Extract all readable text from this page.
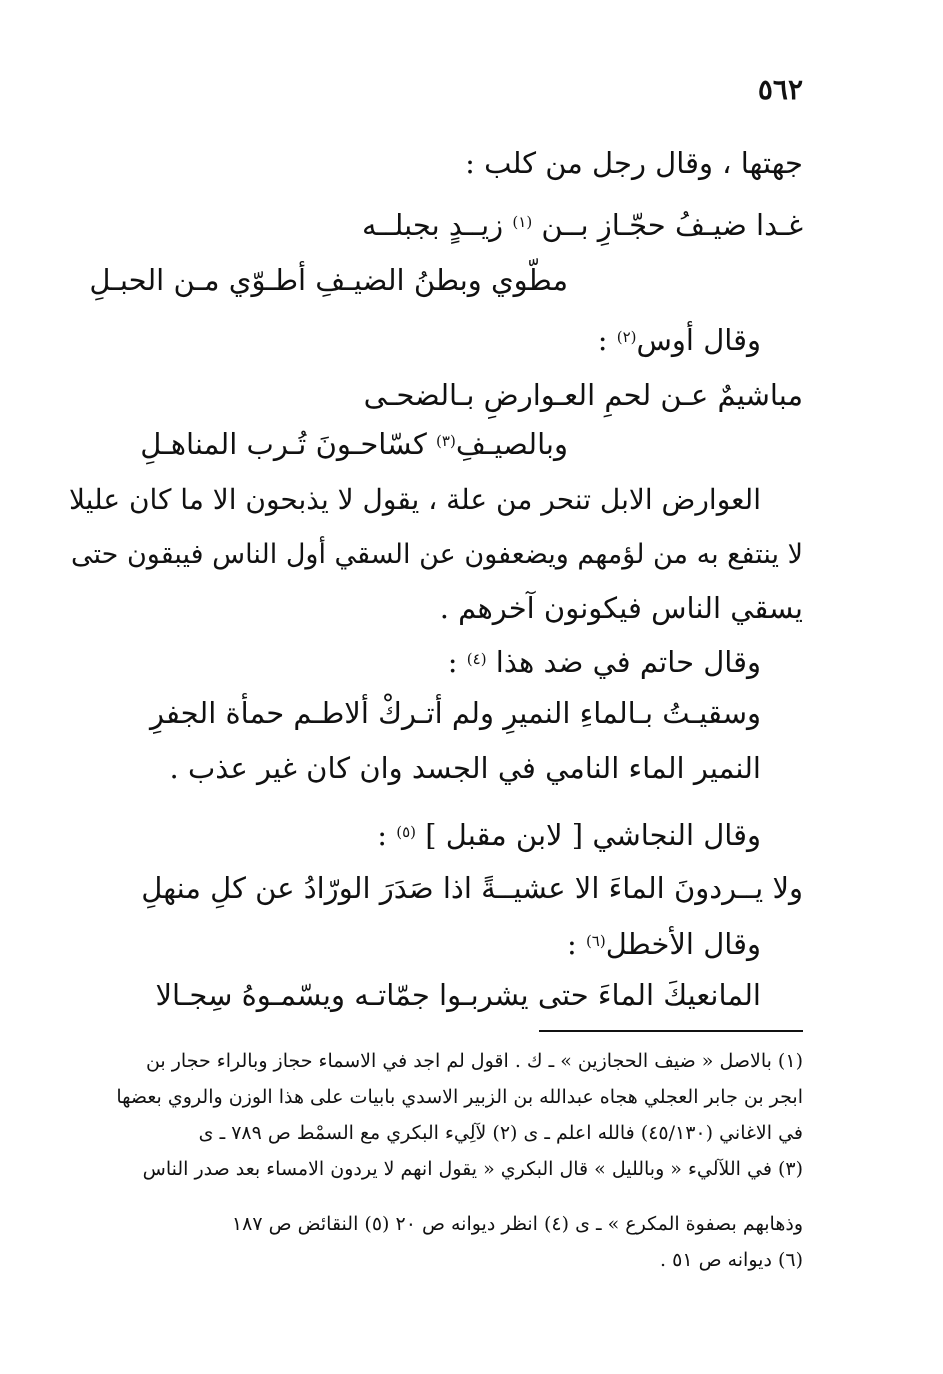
٥٦٢

جهتها ، وقال رجل من كلب :

غـدا ضيـفُ حجّـازِ بــن $^{(١)}$ زيــدٍ بجبلــه

مطّوي وبطنُ الضيـفِ أطـوّي مـن الحبـلِ

وقال أوس$^{(٢)}$ :

مباشيمٌ عـن لحمِ العـوارضِ بـالضحـى

وبالصيـفِ$^{(٣)}$ كسّاحـونَ تُـرب المناهـلِ

العوارض الابل تنحر من علة ، يقول لا يذبحون الا ما كان عليلا

لا ينتفع به من لؤمهم ويضعفون عن السقي أول الناس فيبقون حتى

يسقي الناس فيكونون آخرهم .

وقال حاتم في ضد هذا $^{(٤)}$ :

وسقيـتُ بـالماءِ النميرِ ولم أتـركْ ألاطـم حمأة الجفرِ

النمير الماء النامي في الجسد وان كان غير عذب .

وقال النجاشي [ لابن مقبل ] $^{(٥)}$ :

ولا يــردونَ الماءَ الا عشيــةً اذا صَدَرَ الورّادُ عن كلِ منهلِ

وقال الأخطل$^{(٦)}$ :

المانعيكَ الماءَ حتى يشربـوا جمّاتـه ويسّمـوهُ سِجـالا

(١) بالاصل « ضيف الحجازين » ـ ك . اقول لم اجد في الاسماء حجاز وبالراء حجار بن

ابجر بن جابر العجلي هجاه عبدالله بن الزبير الاسدي بابيات على هذا الوزن والروي بعضها

في الاغاني (٤٥/١٣٠) فالله اعلم ـ ى (٢) لآلِيء البكري مع السمْط ص ٧٨٩ ـ ى

(٣) في اللآليء « وبالليل » قال البكري « يقول انهم لا يردون الامساء بعد صدر الناس

وذهابهم بصفوة المكرع » ـ ى (٤) انظر ديوانه ص ٢٠ (٥) النقائض ص ١٨٧

(٦) ديوانه ص ٥١ .
